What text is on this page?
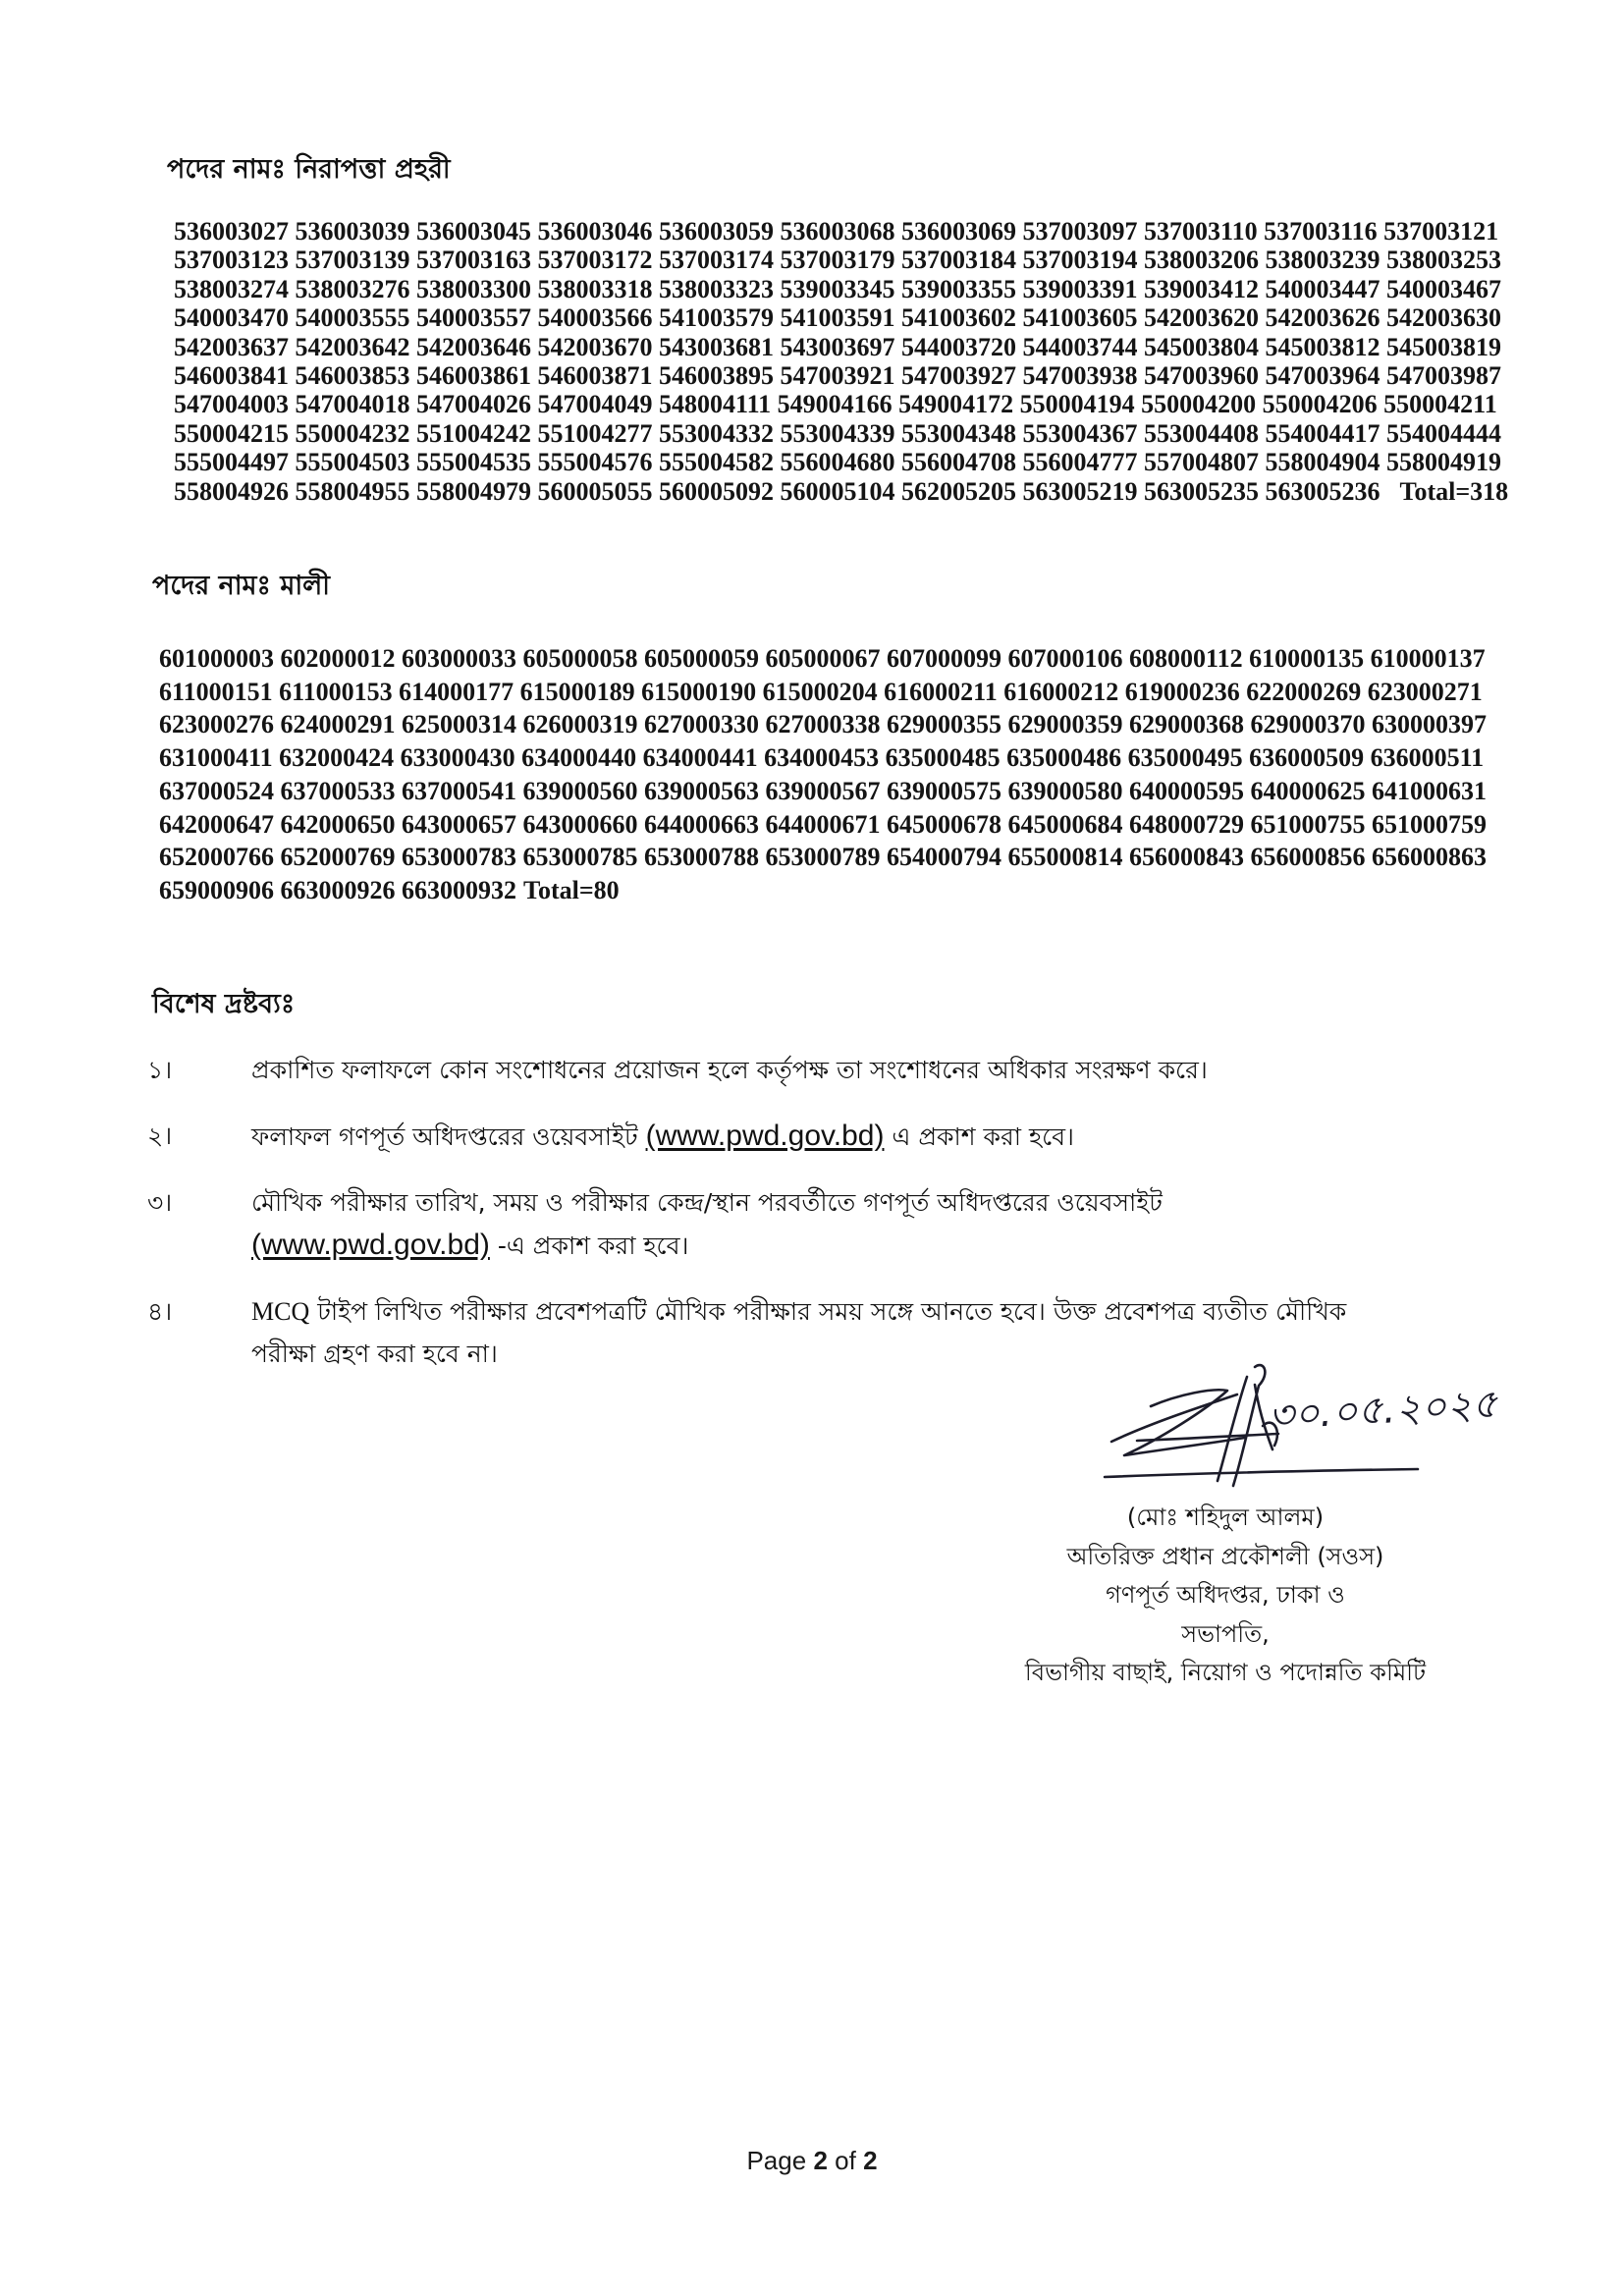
পদের নামঃ নিরাপত্তা প্রহরী
536003027 536003039 536003045 536003046 536003059 536003068 536003069 537003097 537003110 537003116 537003121
537003123 537003139 537003163 537003172 537003174 537003179 537003184 537003194 538003206 538003239 538003253
538003274 538003276 538003300 538003318 538003323 539003345 539003355 539003391 539003412 540003447 540003467
540003470 540003555 540003557 540003566 541003579 541003591 541003602 541003605 542003620 542003626 542003630
542003637 542003642 542003646 542003670 543003681 543003697 544003720 544003744 545003804 545003812 545003819
546003841 546003853 546003861 546003871 546003895 547003921 547003927 547003938 547003960 547003964 547003987
547004003 547004018 547004026 547004049 548004111 549004166 549004172 550004194 550004200 550004206 550004211
550004215 550004232 551004242 551004277 553004332 553004339 553004348 553004367 553004408 554004417 554004444
555004497 555004503 555004535 555004576 555004582 556004680 556004708 556004777 557004807 558004904 558004919
558004926 558004955 558004979 560005055 560005092 560005104 562005205 563005219 563005235 563005236 Total=318
পদের নামঃ মালী
601000003 602000012 603000033 605000058 605000059 605000067 607000099 607000106 608000112 610000135 610000137
611000151 611000153 614000177 615000189 615000190 615000204 616000211 616000212 619000236 622000269 623000271
623000276 624000291 625000314 626000319 627000330 627000338 629000355 629000359 629000368 629000370 630000397
631000411 632000424 633000430 634000440 634000441 634000453 635000485 635000486 635000495 636000509 636000511
637000524 637000533 637000541 639000560 639000563 639000567 639000575 639000580 640000595 640000625 641000631
642000647 642000650 643000657 643000660 644000663 644000671 645000678 645000684 648000729 651000755 651000759
652000766 652000769 653000783 653000785 653000788 653000789 654000794 655000814 656000843 656000856 656000863
659000906 663000926 663000932 Total=80
বিশেষ দ্রষ্টব্যঃ
১।	প্রকাশিত ফলাফলে কোন সংশোধনের প্রয়োজন হলে কর্তৃপক্ষ তা সংশোধনের অধিকার সংরক্ষণ করে।
২।	ফলাফল গণপূর্ত অধিদপ্তরের ওয়েবসাইট (www.pwd.gov.bd) এ প্রকাশ করা হবে।
৩।	মৌখিক পরীক্ষার তারিখ, সময় ও পরীক্ষার কেন্দ্র/স্থান পরবর্তীতে গণপূর্ত অধিদপ্তরের ওয়েবসাইট
(www.pwd.gov.bd) -এ প্রকাশ করা হবে।
৪।	MCQ টাইপ লিখিত পরীক্ষার প্রবেশপত্রটি মৌখিক পরীক্ষার সময় সঙ্গে আনতে হবে। উক্ত প্রবেশপত্র ব্যতীত মৌখিক
পরীক্ষা গ্রহণ করা হবে না।
৩০.০৫.২০২৫
(মোঃ শহিদুল আলম)
অতিরিক্ত প্রধান প্রকৌশলী (সওস)
গণপূর্ত অধিদপ্তর, ঢাকা ও
সভাপতি,
বিভাগীয় বাছাই, নিয়োগ ও পদোন্নতি কমিটি
Page 2 of 2
